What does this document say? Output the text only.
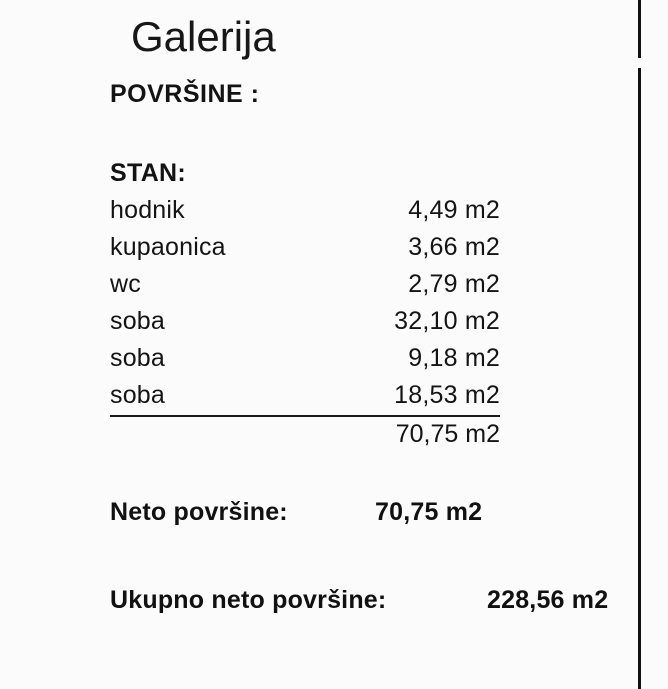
Galerija
POVRŠINE :
STAN:
hodnik	4,49 m2
kupaonica	3,66 m2
wc	2,79 m2
soba	32,10 m2
soba	9,18 m2
soba	18,53 m2
70,75 m2
Neto površine:	70,75 m2
Ukupno neto površine:	228,56 m2
